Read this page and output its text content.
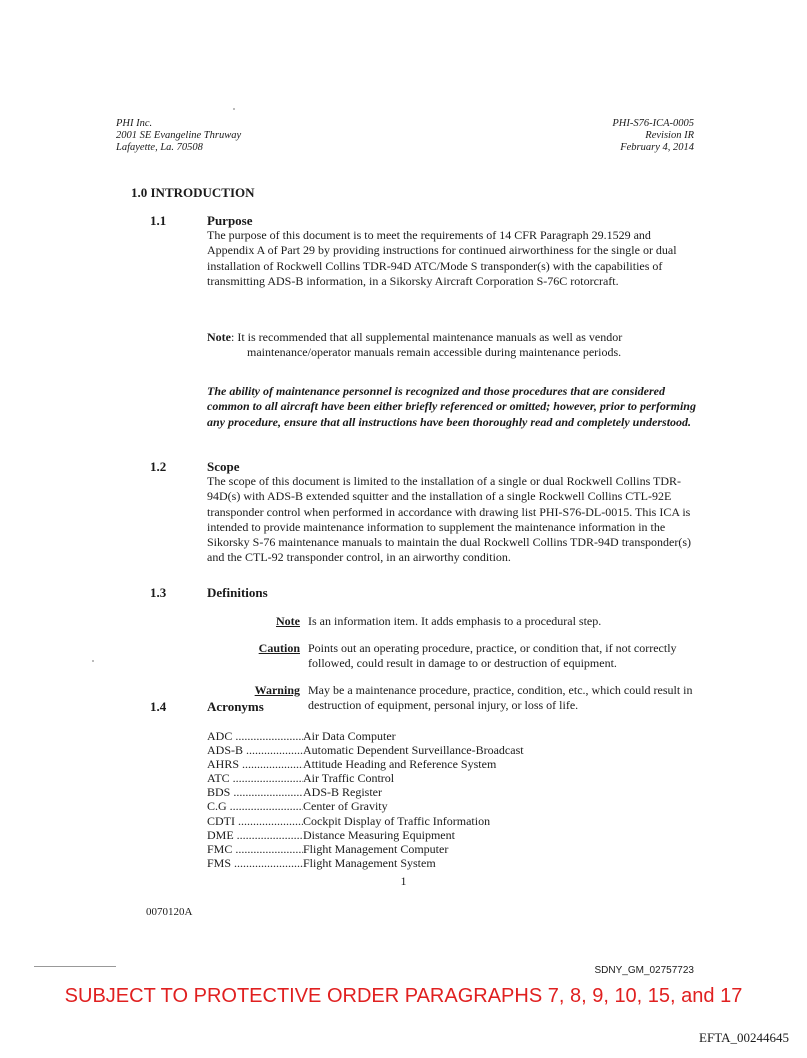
PHI Inc.
2001 SE Evangeline Thruway
Lafayette, La. 70508
PHI-S76-ICA-0005
Revision IR
February 4, 2014
1.0 INTRODUCTION
1.1	Purpose
The purpose of this document is to meet the requirements of 14 CFR Paragraph 29.1529 and Appendix A of Part 29 by providing instructions for continued airworthiness for the single or dual installation of Rockwell Collins TDR-94D ATC/Mode S transponder(s) with the capabilities of transmitting ADS-B information, in a Sikorsky Aircraft Corporation S-76C rotorcraft.
Note: It is recommended that all supplemental maintenance manuals as well as vendor
maintenance/operator manuals remain accessible during maintenance periods.
The ability of maintenance personnel is recognized and those procedures that are considered common to all aircraft have been either briefly referenced or omitted; however, prior to performing any procedure, ensure that all instructions have been thoroughly read and completely understood.
1.2	Scope
The scope of this document is limited to the installation of a single or dual Rockwell Collins TDR-94D(s) with ADS-B extended squitter and the installation of a single Rockwell Collins CTL-92E transponder control when performed in accordance with drawing list PHI-S76-DL-0015. This ICA is intended to provide maintenance information to supplement the maintenance information in the Sikorsky S-76 maintenance manuals to maintain the dual Rockwell Collins TDR-94D transponder(s) and the CTL-92 transponder control, in an airworthy condition.
1.3	Definitions
Note Is an information item. It adds emphasis to a procedural step.
Caution Points out an operating procedure, practice, or condition that, if not correctly followed, could result in damage to or destruction of equipment.
Warning May be a maintenance procedure, practice, condition, etc., which could result in destruction of equipment, personal injury, or loss of life.
1.4	Acronyms
ADC .....	Air Data Computer
ADS-B .....	Automatic Dependent Surveillance-Broadcast
AHRS .....	Attitude Heading and Reference System
ATC .....	Air Traffic Control
BDS .....	ADS-B Register
C.G .....	Center of Gravity
CDTI .....	Cockpit Display of Traffic Information
DME .....	Distance Measuring Equipment
FMC .....	Flight Management Computer
FMS .....	Flight Management System
1
0070120A
SDNY_GM_02757723
SUBJECT TO PROTECTIVE ORDER PARAGRAPHS 7, 8, 9, 10, 15, and 17
EFTA_00244645
